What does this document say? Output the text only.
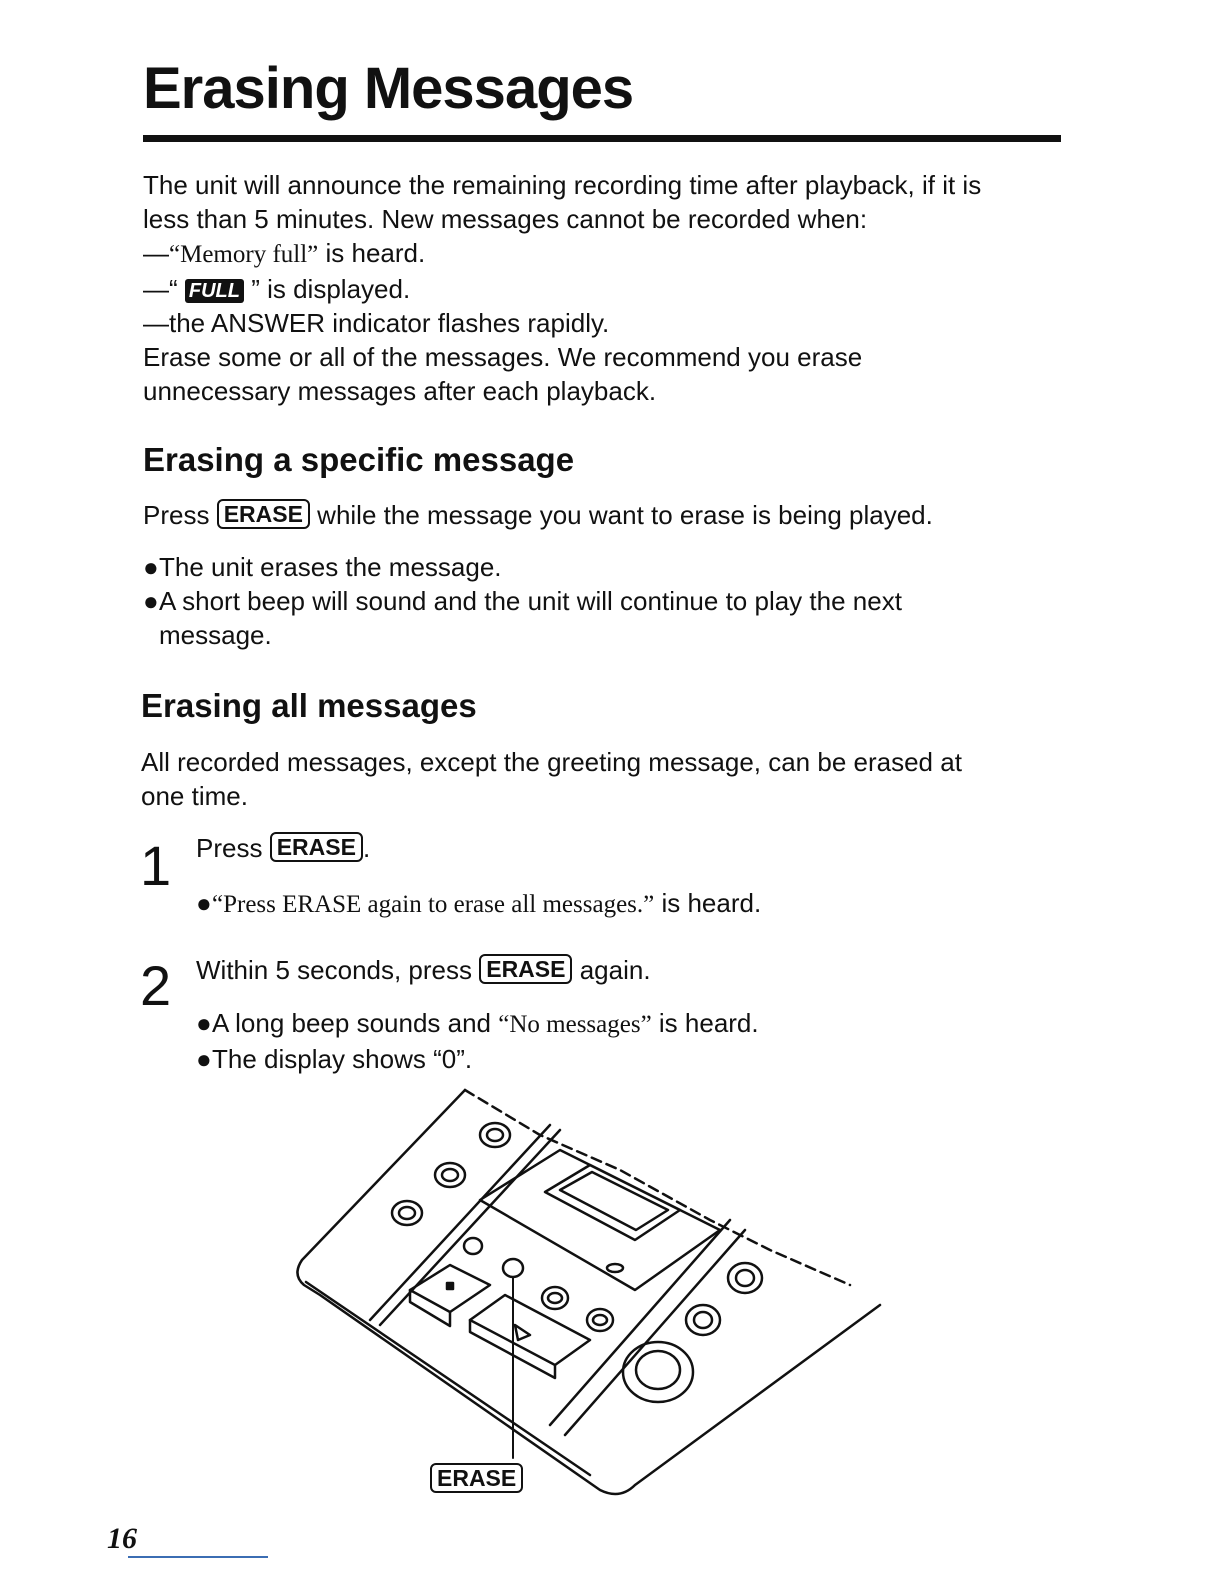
Erasing Messages

The unit will announce the remaining recording time after playback, if it is

less than 5 minutes. New messages cannot be recorded when:

—“Memory full” is heard.

—“ FULL ” is displayed.

—the ANSWER indicator flashes rapidly.

Erase some or all of the messages. We recommend you erase

unnecessary messages after each playback.

Erasing a specific message

Press ERASE while the message you want to erase is being played.

●The unit erases the message.

●A short beep will sound and the unit will continue to play the next

message.

Erasing all messages

All recorded messages, except the greeting message, can be erased at

one time.

1 Press ERASE .

●“Press ERASE again to erase all messages.” is heard.

2 Within 5 seconds, press ERASE again.

●A long beep sounds and “No messages” is heard.

●The display shows “0”.

ERASE
16
